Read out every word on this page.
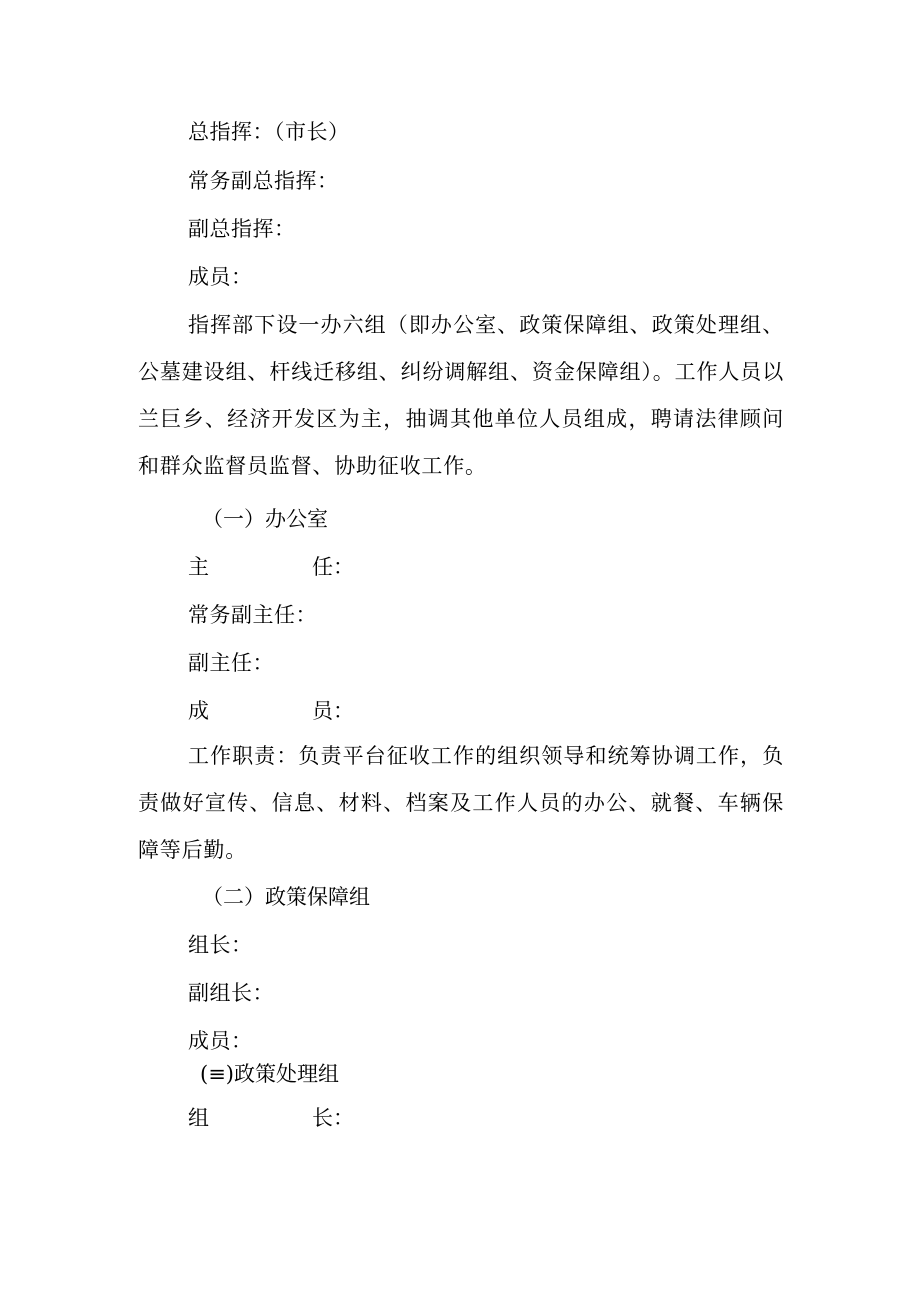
总指挥：（市长）
常务副总指挥：
副总指挥：
成员：
指挥部下设一办六组（即办公室、政策保障组、政策处理组、公墓建设组、杆线迁移组、纠纷调解组、资金保障组）。工作人员以兰巨乡、经济开发区为主，抽调其他单位人员组成，聘请法律顾问和群众监督员监督、协助征收工作。
（一）办公室
主	任：
常务副主任：
副主任：
成	员：
工作职责：负责平台征收工作的组织领导和统筹协调工作，负责做好宣传、信息、材料、档案及工作人员的办公、就餐、车辆保障等后勤。
（二）政策保障组
组长：
副组长：
成员：
(≡)政策处理组
组	长：
